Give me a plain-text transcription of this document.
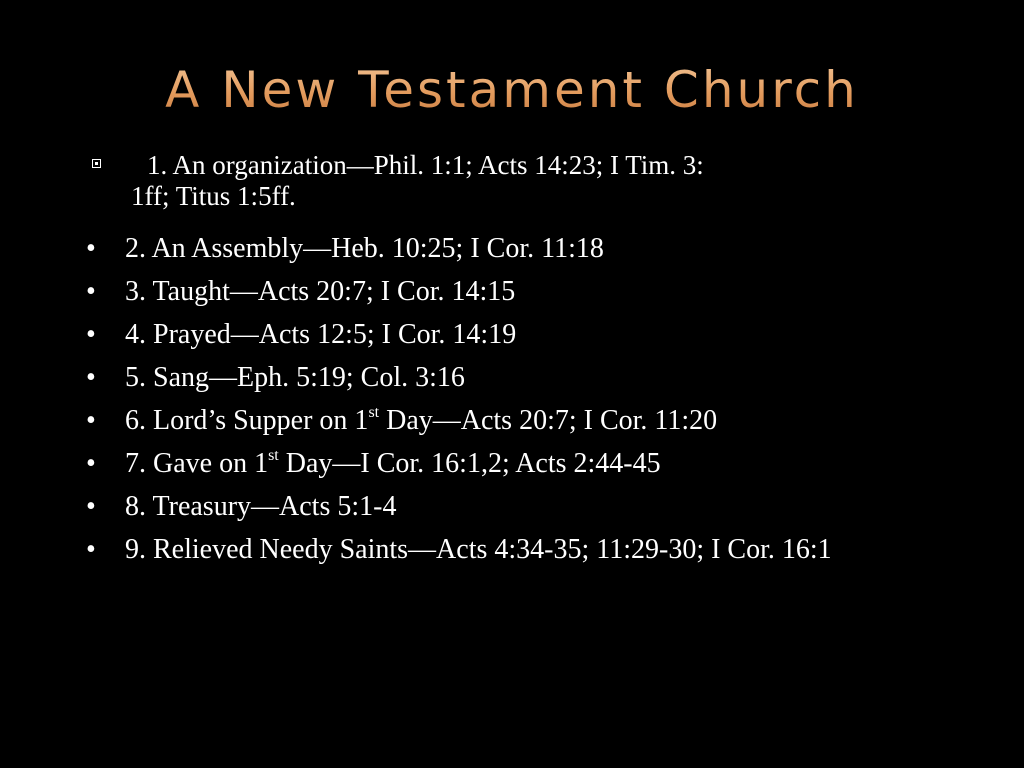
A New Testament Church
1. An organization—Phil. 1:1; Acts 14:23; I Tim. 3:
1ff; Titus 1:5ff.
• 2. An Assembly—Heb. 10:25; I Cor. 11:18
• 3. Taught—Acts 20:7; I Cor. 14:15
• 4. Prayed—Acts 12:5; I Cor. 14:19
• 5. Sang—Eph. 5:19; Col. 3:16
• 6. Lord’s Supper on 1st Day—Acts 20:7; I Cor. 11:20
• 7. Gave on 1st Day—I Cor. 16:1,2; Acts 2:44-45
• 8. Treasury—Acts 5:1-4
• 9. Relieved Needy Saints—Acts 4:34-35; 11:29-30; I Cor. 16:1
